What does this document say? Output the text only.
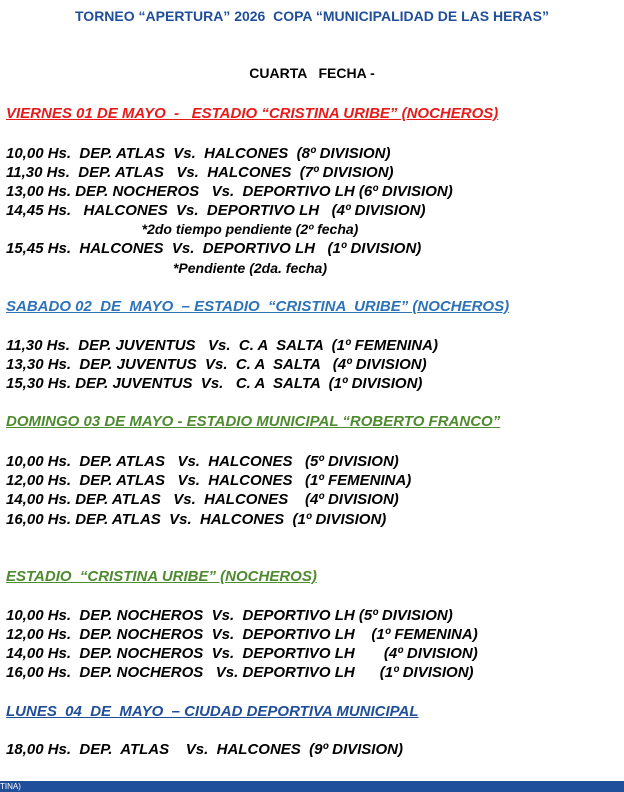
TORNEO “APERTURA” 2026  COPA “MUNICIPALIDAD DE LAS HERAS”
CUARTA   FECHA -
VIERNES 01 DE MAYO  -   ESTADIO “CRISTINA URIBE” (NOCHEROS)
10,00 Hs.  DEP. ATLAS  Vs.  HALCONES  (8º DIVISION)
11,30 Hs.  DEP. ATLAS   Vs.  HALCONES  (7º DIVISION)
13,00 Hs. DEP. NOCHEROS   Vs.  DEPORTIVO LH (6º DIVISION)
14,45 Hs.   HALCONES  Vs.  DEPORTIVO LH   (4º DIVISION)
*2do tiempo pendiente (2º fecha)
15,45 Hs.  HALCONES  Vs.  DEPORTIVO LH   (1º DIVISION)
*Pendiente (2da. fecha)
SABADO 02  DE  MAYO  – ESTADIO  “CRISTINA  URIBE” (NOCHEROS)
11,30 Hs.  DEP. JUVENTUS   Vs.  C. A  SALTA  (1º FEMENINA)
13,30 Hs.  DEP. JUVENTUS  Vs.  C. A  SALTA   (4º DIVISION)
15,30 Hs. DEP. JUVENTUS  Vs.   C. A  SALTA  (1º DIVISION)
DOMINGO 03 DE MAYO - ESTADIO MUNICIPAL “ROBERTO FRANCO”
10,00 Hs.  DEP. ATLAS   Vs.  HALCONES   (5º DIVISION)
12,00 Hs.  DEP. ATLAS   Vs.  HALCONES   (1º FEMENINA)
14,00 Hs. DEP. ATLAS   Vs.  HALCONES    (4º DIVISION)
16,00 Hs. DEP. ATLAS  Vs.  HALCONES  (1º DIVISION)
ESTADIO  “CRISTINA URIBE” (NOCHEROS)
10,00 Hs.  DEP. NOCHEROS  Vs.  DEPORTIVO LH (5º DIVISION)
12,00 Hs.  DEP. NOCHEROS  Vs.  DEPORTIVO LH    (1º FEMENINA)
14,00 Hs.  DEP. NOCHEROS  Vs.  DEPORTIVO LH       (4º DIVISION)
16,00 Hs.  DEP. NOCHEROS   Vs. DEPORTIVO LH      (1º DIVISION)
LUNES  04  DE  MAYO  – CIUDAD DEPORTIVA MUNICIPAL
18,00 Hs.  DEP.  ATLAS    Vs.  HALCONES  (9º DIVISION)
TINA)
